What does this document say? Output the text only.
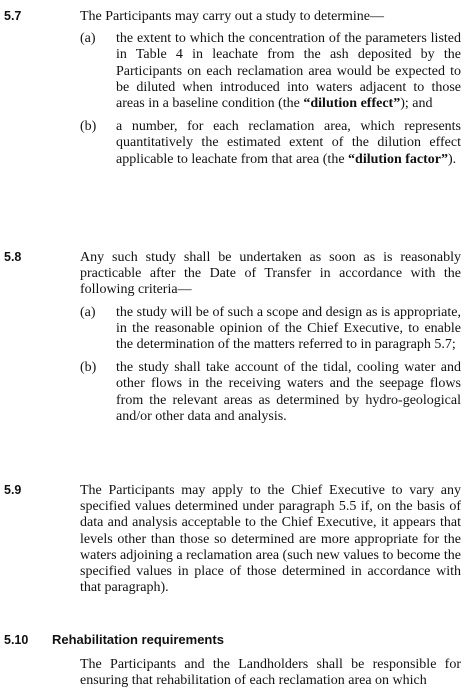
5.7	The Participants may carry out a study to determine—

(a) the extent to which the concentration of the parameters listed in Table 4 in leachate from the ash deposited by the Participants on each reclamation area would be expected to be diluted when introduced into waters adjacent to those areas in a baseline condition (the “dilution effect”); and
(b) a number, for each reclamation area, which represents quantitatively the estimated extent of the dilution effect applicable to leachate from that area (the “dilution factor”).
5.8	Any such study shall be undertaken as soon as is reasonably practicable after the Date of Transfer in accordance with the following criteria—

(a) the study will be of such a scope and design as is appropriate, in the reasonable opinion of the Chief Executive, to enable the determination of the matters referred to in paragraph 5.7;
(b) the study shall take account of the tidal, cooling water and other flows in the receiving waters and the seepage flows from the relevant areas as determined by hydro-geological and/or other data and analysis.
5.9	The Participants may apply to the Chief Executive to vary any specified values determined under paragraph 5.5 if, on the basis of data and analysis acceptable to the Chief Executive, it appears that levels other than those so determined are more appropriate for the waters adjoining a reclamation area (such new values to become the specified values in place of those determined in accordance with that paragraph).

5.10 Rehabilitation requirements

The Participants and the Landholders shall be responsible for ensuring that rehabilitation of each reclamation area on which
